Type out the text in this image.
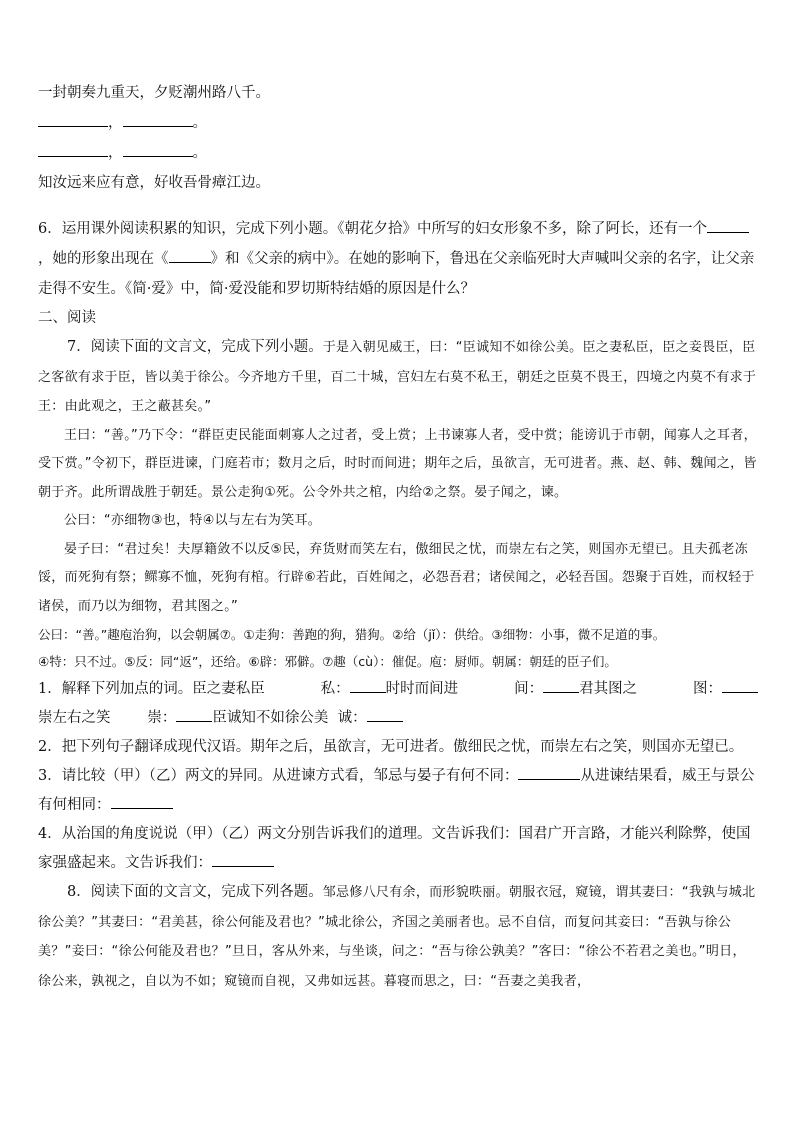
一封朝奏九重天，夕贬潮州路八千。

，	。

，	。

知汝远来应有意，好收吾骨瘴江边。

6．运用课外阅读积累的知识，完成下列小题。《朝花夕拾》中所写的妇女形象不多，除了阿长，还有一个，她的形象出现在《	》和《父亲的病中》。在她的影响下，鲁迅在父亲临死时大声喊叫父亲的名字，让父亲走得不安生。《简·爱》中，简·爱没能和罗切斯特结婚的原因是什么？

二、阅读

7．阅读下面的文言文，完成下列小题。于是入朝见威王，曰：“臣诚知不如徐公美。臣之妻私臣，臣之妾畏臣，臣之客欲有求于臣，皆以美于徐公。今齐地方千里，百二十城，宫妇左右莫不私王，朝廷之臣莫不畏王，四境之内莫不有求于王：由此观之，王之蔽甚矣。”

王曰：“善。”乃下令：“群臣吏民能面刺寡人之过者，受上赏；上书谏寡人者，受中赏；能谤讥于市朝，闻寡人之耳者，受下赏。”令初下，群臣进谏，门庭若市；数月之后，时时而间进；期年之后，虽欲言，无可进者。燕、赵、韩、魏闻之，皆朝于齐。此所谓战胜于朝廷。景公走狗①死。公令外共之棺，内给②之祭。晏子闻之，谏。

公曰：“亦细物③也，特④以与左右为笑耳。

晏子曰：“君过矣！夫厚籍敛不以反⑤民，弃货财而笑左右，傲细民之忧，而崇左右之笑，则国亦无望已。且夫孤老冻馁，而死狗有祭；鳏寡不恤，死狗有棺。行辟⑥若此，百姓闻之，必怨吾君；诸侯闻之，必轻吾国。怨聚于百姓，而权轻于诸侯，而乃以为细物，君其图之。”

公曰：“善。”趣庖治狗，以会朝属⑦。①走狗：善跑的狗，猎狗。②给（jǐ）：供给。③细物：小事，微不足道的事。
④特：只不过。⑤反：同“返”，还给。⑥辟：邪僻。⑦趣（cù）：催促。庖：厨师。朝属：朝廷的臣子们。

1．解释下列加点的词。臣之妻私臣	私： 时时而间进	间： 君其图之	图：

崇左右之笑	崇： 臣诚知不如徐公美 诚：

2．把下列句子翻译成现代汉语。期年之后，虽欲言，无可进者。傲细民之忧，而崇左右之笑，则国亦无望已。

3．请比较（甲）（乙）两文的异同。从进谏方式看，邹忌与晏子有何不同：	从进谏结果看，威王与景公有何相同：

4．从治国的角度说说（甲）（乙）两文分别告诉我们的道理。文告诉我们：国君广开言路，才能兴利除弊，使国家强盛起来。文告诉我们：

8．阅读下面的文言文，完成下列各题。邹忌修八尺有余，而形貌昳丽。朝服衣冠，窥镜，谓其妻曰：“我孰与城北徐公美？”其妻曰：“君美甚，徐公何能及君也？”城北徐公，齐国之美丽者也。忌不自信，而复问其妾曰：“吾孰与徐公美？”妾曰：“徐公何能及君也？”旦日，客从外来，与坐谈，问之：“吾与徐公孰美？”客曰：“徐公不若君之美也。”明日，徐公来，孰视之，自以为不如；窥镜而自视，又弗如远甚。暮寝而思之，曰：“吾妻之美我者，
